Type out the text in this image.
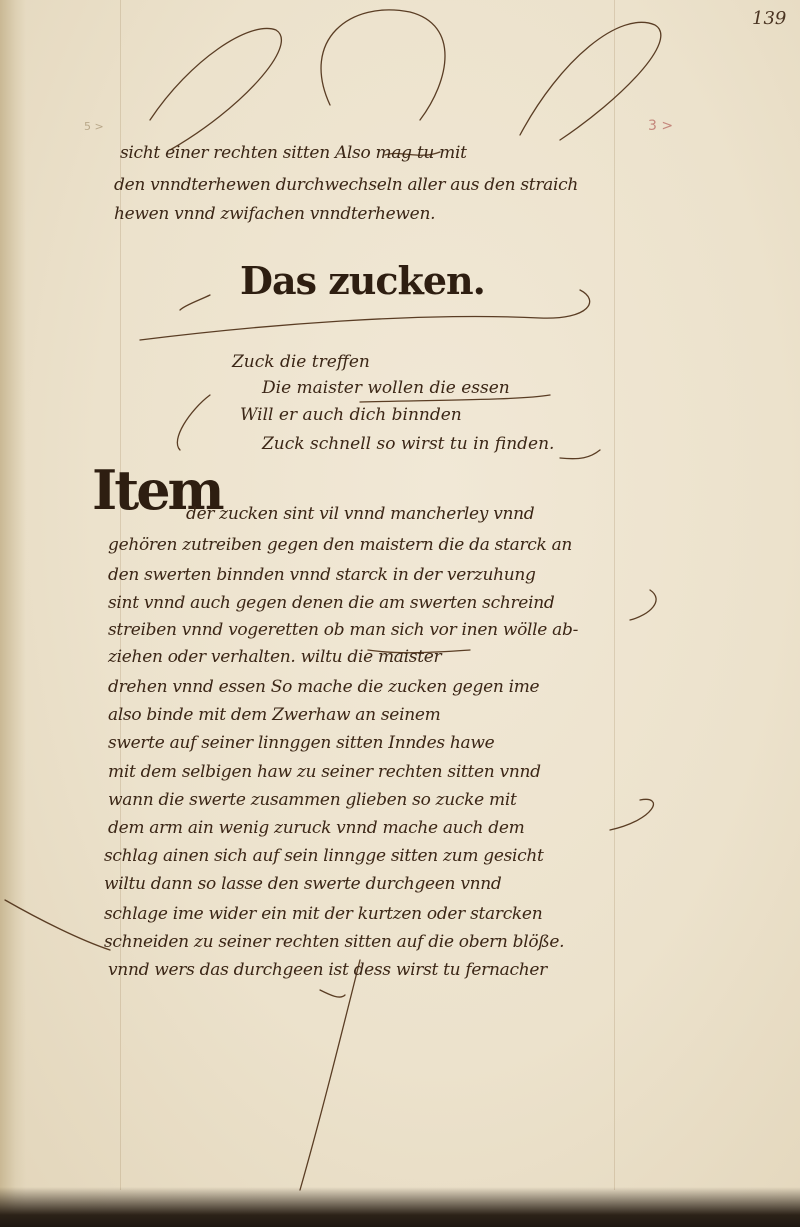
139
3 >
5 >
sicht einer rechten sitten Also mag tu mit
den vnndterhewen durchwechseln aller aus den straich
hewen vnnd zwifachen vnndterhewen.
Das zucken.
Zuck die treffen
Die maister wollen die essen
Will er auch dich binnden
Zuck schnell so wirst tu in finden.
Item
der zucken sint vil vnnd mancherley vnnd
gehören zutreiben gegen den maistern die da starck an
den swerten binnden vnnd starck in der verzuhung
sint vnnd auch gegen denen die am swerten schreind
streiben vnnd vogeretten ob man sich vor inen wölle ab-
ziehen oder verhalten. wiltu die maister
drehen vnnd essen So mache die zucken gegen ime
also binde mit dem Zwerhaw an seinem
swerte auf seiner linnggen sitten Inndes hawe
mit dem selbigen haw zu seiner rechten sitten vnnd
wann die swerte zusammen glieben so zucke mit
dem arm ain wenig zuruck vnnd mache auch dem
schlag ainen sich auf sein linngge sitten zum gesicht
wiltu dann so lasse den swerte durchgeen vnnd
schlage ime wider ein mit der kurtzen oder starcken
schneiden zu seiner rechten sitten auf die obern blöße.
vnnd wers das durchgeen ist dess wirst tu fernacher
